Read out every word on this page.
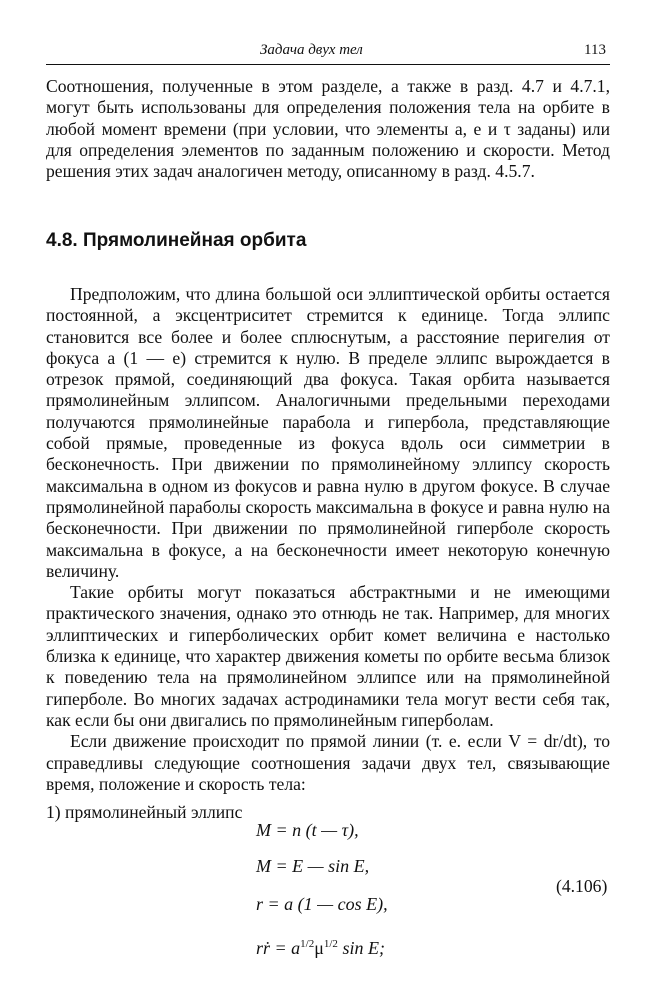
Задача двух тел	113

Соотношения, полученные в этом разделе, а также в разд. 4.7 и 4.7.1, могут быть использованы для определения положения тела на орбите в любой момент времени (при условии, что элементы a, e и τ заданы) или для определения элементов по заданным положению и скорости. Метод решения этих задач аналогичен методу, описанному в разд. 4.5.7.

4.8. Прямолинейная орбита

Предположим, что длина большой оси эллиптической орбиты остается постоянной, а эксцентриситет стремится к единице. Тогда эллипс становится все более и более сплюснутым, а расстояние перигелия от фокуса a (1 — e) стремится к нулю. В пределе эллипс вырождается в отрезок прямой, соединяющий два фокуса. Такая орбита называется прямолинейным эллипсом. Аналогичными предельными переходами получаются прямолинейные парабола и гипербола, представляющие собой прямые, проведенные из фокуса вдоль оси симметрии в бесконечность. При движении по прямолинейному эллипсу скорость максимальна в одном из фокусов и равна нулю в другом фокусе. В случае прямолинейной параболы скорость максимальна в фокусе и равна нулю на бесконечности. При движении по прямолинейной гиперболе скорость максимальна в фокусе, а на бесконечности имеет некоторую конечную величину.

Такие орбиты могут показаться абстрактными и не имеющими практического значения, однако это отнюдь не так. Например, для многих эллиптических и гиперболических орбит комет величина e настолько близка к единице, что характер движения кометы по орбите весьма близок к поведению тела на прямолинейном эллипсе или на прямолинейной гиперболе. Во многих задачах астродинамики тела могут вести себя так, как если бы они двигались по прямолинейным гиперболам.

Если движение происходит по прямой линии (т. е. если V = dr/dt), то справедливы следующие соотношения задачи двух тел, связывающие время, положение и скорость тела:

1) прямолинейный эллипс
M = n (t — τ),
M = E — sin E,
r = a (1 — cos E),
rṙ = $a^{1/2}\mu^{1/2}$ sin E;
(4.106)
